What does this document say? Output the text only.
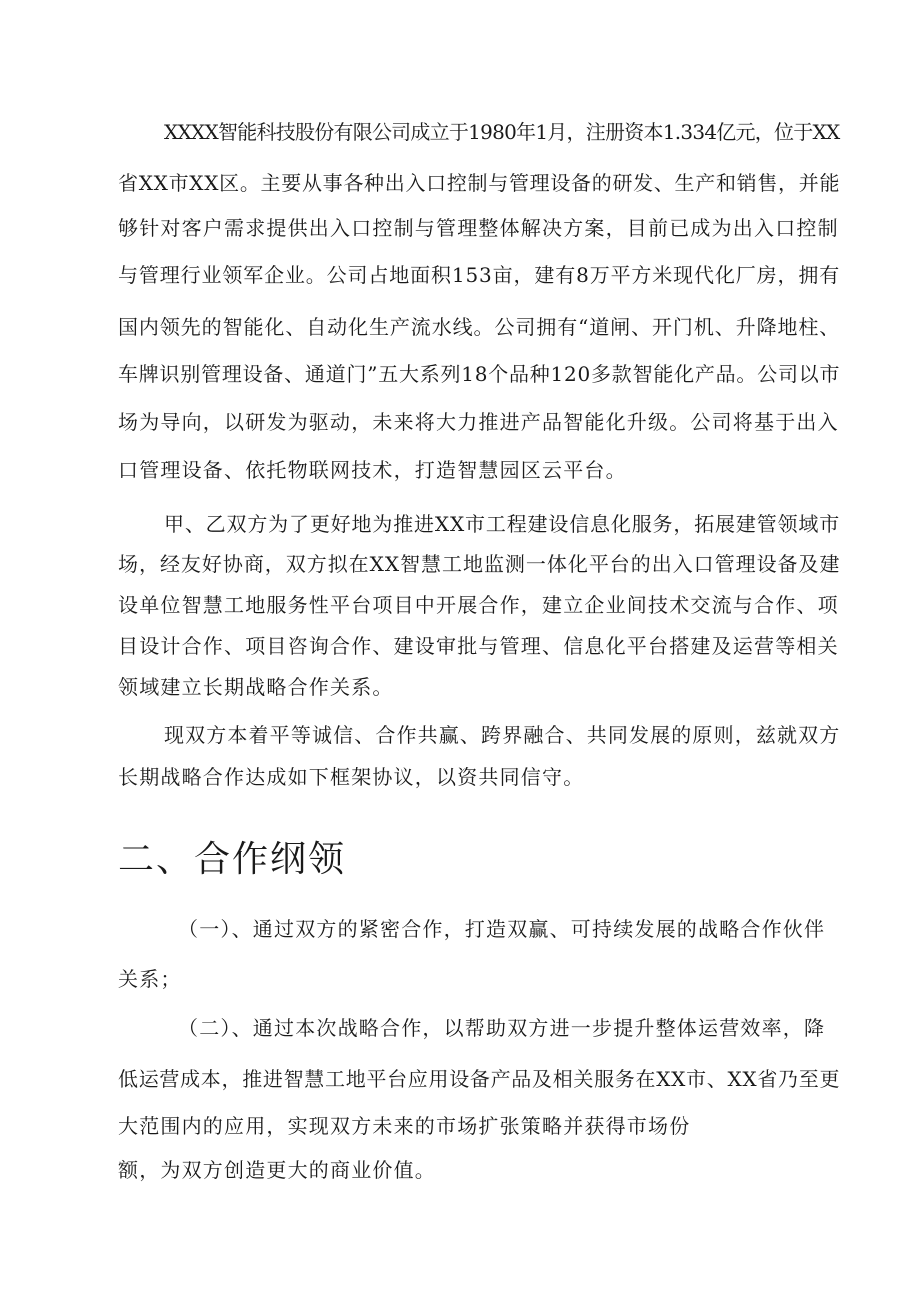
XXXX智能科技股份有限公司成立于1980年1月，注册资本1.334亿元，位于XX
省XX市XX区。主要从事各种出入口控制与管理设备的研发、生产和销售，并能
够针对客户需求提供出入口控制与管理整体解决方案，目前已成为出入口控制
与管理行业领军企业。公司占地面积153亩，建有8万平方米现代化厂房，拥有
国内领先的智能化、自动化生产流水线。公司拥有“道闸、开门机、升降地柱、
车牌识别管理设备、通道门”五大系列18个品种120多款智能化产品。公司以市
场为导向，以研发为驱动，未来将大力推进产品智能化升级。公司将基于出入
口管理设备、依托物联网技术，打造智慧园区云平台。
甲、乙双方为了更好地为推进XX市工程建设信息化服务，拓展建管领域市
场，经友好协商，双方拟在XX智慧工地监测一体化平台的出入口管理设备及建
设单位智慧工地服务性平台项目中开展合作，建立企业间技术交流与合作、项
目设计合作、项目咨询合作、建设审批与管理、信息化平台搭建及运营等相关
领域建立长期战略合作关系。
现双方本着平等诚信、合作共赢、跨界融合、共同发展的原则，兹就双方
长期战略合作达成如下框架协议，以资共同信守。
二、合作纲领
（一）、通过双方的紧密合作，打造双赢、可持续发展的战略合作伙伴
关系；
（二）、通过本次战略合作，以帮助双方进一步提升整体运营效率，降
低运营成本，推进智慧工地平台应用设备产品及相关服务在XX市、XX省乃至更
大范围内的应用，实现双方未来的市场扩张策略并获得市场份
额，为双方创造更大的商业价值。
